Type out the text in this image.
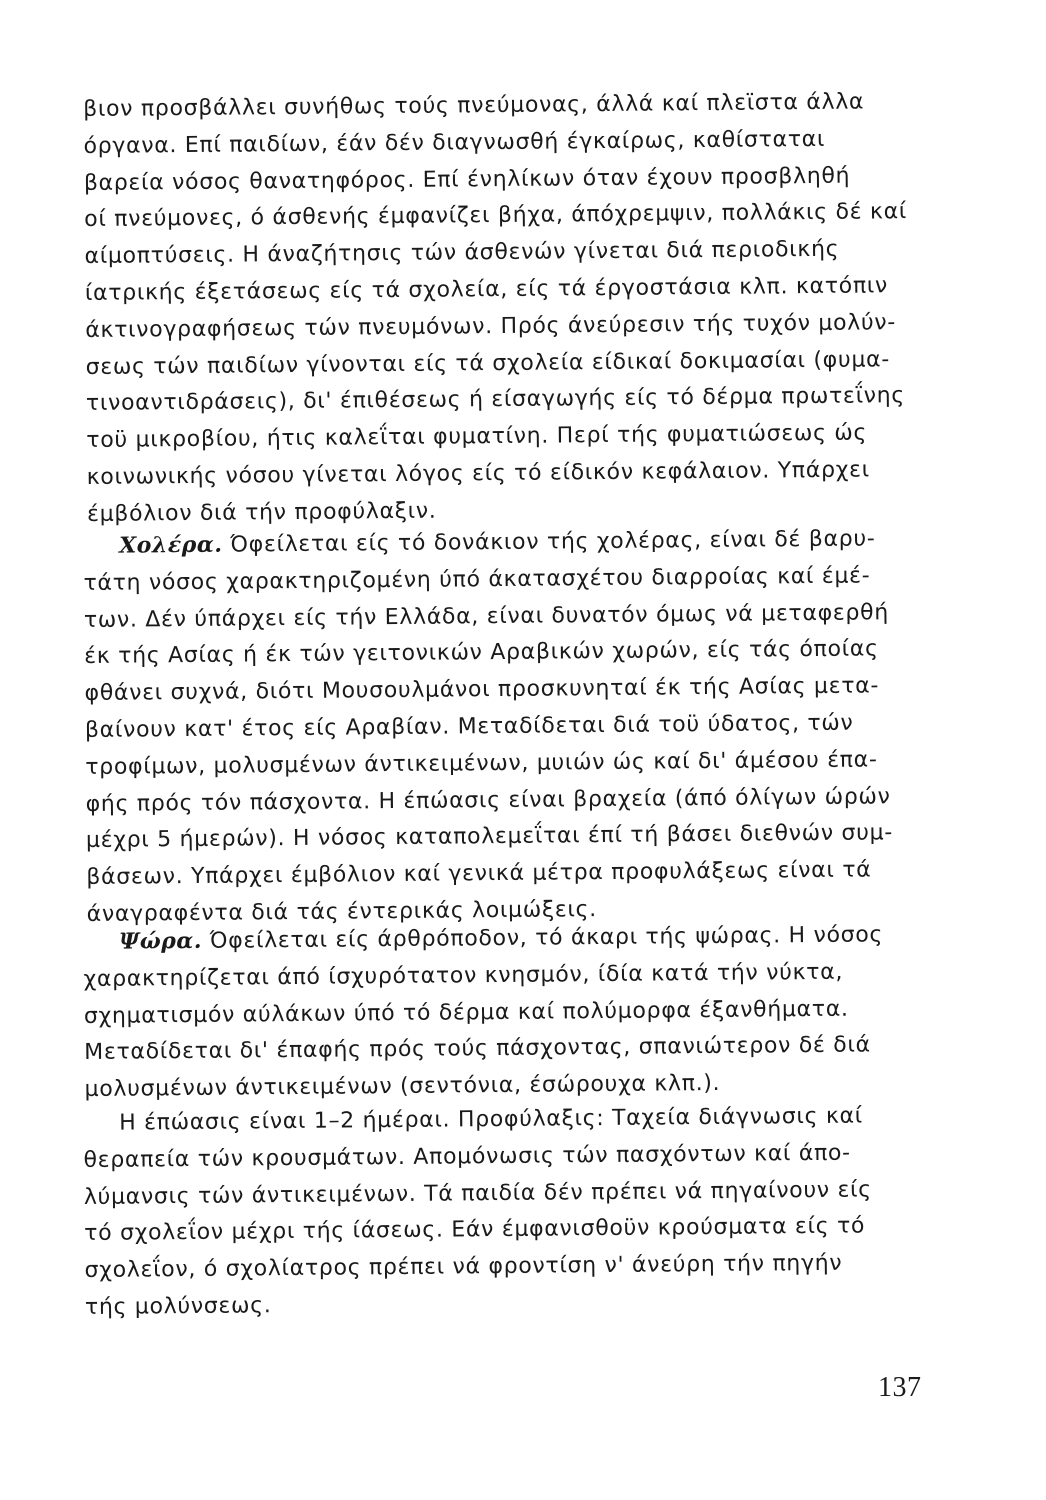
βιον προσβάλλει συνήθως τούς πνεύμονας, άλλά καί πλεϊστα άλλα
όργανα. Επί παιδίων, έάν δέν διαγνωσθή έγκαίρως, καθίσταται
βαρεία νόσος θανατηφόρος. Επί ένηλίκων όταν έχουν προσβληθή
οί πνεύμονες, ό άσθενής έμφανίζει βήχα, άπόχρεμψιν, πολλάκις δέ καί
αίμοπτύσεις. Η άναζήτησις τών άσθενών γίνεται διά περιοδικής
ίατρικής έξετάσεως είς τά σχολεία, είς τά έργοστάσια κλπ. κατόπιν
άκτινογραφήσεως τών πνευμόνων. Πρός άνεύρεσιν τής τυχόν μολύν-
σεως τών παιδίων γίνονται είς τά σχολεία είδικαί δοκιμασίαι (φυμα-
τινοαντιδράσεις), δι' έπιθέσεως ή είσαγωγής είς τό δέρμα πρωτεΐνης
τοϋ μικροβίου, ήτις καλεΐται φυματίνη. Περί τής φυματιώσεως ώς
κοινωνικής νόσου γίνεται λόγος είς τό είδικόν κεφάλαιον. Υπάρχει
έμβόλιον διά τήν προφύλαξιν.
Χολέρα. Όφείλεται είς τό δονάκιον τής χολέρας, είναι δέ βαρυ-
τάτη νόσος χαρακτηριζομένη ύπό άκατασχέτου διαρροίας καί έμέ-
των. Δέν ύπάρχει είς τήν Ελλάδα, είναι δυνατόν όμως νά μεταφερθή
έκ τής Ασίας ή έκ τών γειτονικών Αραβικών χωρών, είς τάς όποίας
φθάνει συχνά, διότι Μουσουλμάνοι προσκυνηταί έκ τής Ασίας μετα-
βαίνουν κατ' έτος είς Αραβίαν. Μεταδίδεται διά τοϋ ύδατος, τών
τροφίμων, μολυσμένων άντικειμένων, μυιών ώς καί δι' άμέσου έπα-
φής πρός τόν πάσχοντα. Η έπώασις είναι βραχεία (άπό όλίγων ώρών
μέχρι 5 ήμερών). Η νόσος καταπολεμεΐται έπί τή βάσει διεθνών συμ-
βάσεων. Υπάρχει έμβόλιον καί γενικά μέτρα προφυλάξεως είναι τά
άναγραφέντα διά τάς έντερικάς λοιμώξεις.
Ψώρα. Όφείλεται είς άρθρόποδον, τό άκαρι τής ψώρας. Η νόσος
χαρακτηρίζεται άπό ίσχυρότατον κνησμόν, ίδία κατά τήν νύκτα,
σχηματισμόν αύλάκων ύπό τό δέρμα καί πολύμορφα έξανθήματα.
Μεταδίδεται δι' έπαφής πρός τούς πάσχοντας, σπανιώτερον δέ διά
μολυσμένων άντικειμένων (σεντόνια, έσώρουχα κλπ.).
Η έπώασις είναι 1–2 ήμέραι. Προφύλαξις: Ταχεία διάγνωσις καί
θεραπεία τών κρουσμάτων. Απομόνωσις τών πασχόντων καί άπο-
λύμανσις τών άντικειμένων. Τά παιδία δέν πρέπει νά πηγαίνουν είς
τό σχολεΐον μέχρι τής ίάσεως. Εάν έμφανισθοϋν κρούσματα είς τό
σχολεΐον, ό σχολίατρος πρέπει νά φροντίση ν' άνεύρη τήν πηγήν
τής μολύνσεως.
137
